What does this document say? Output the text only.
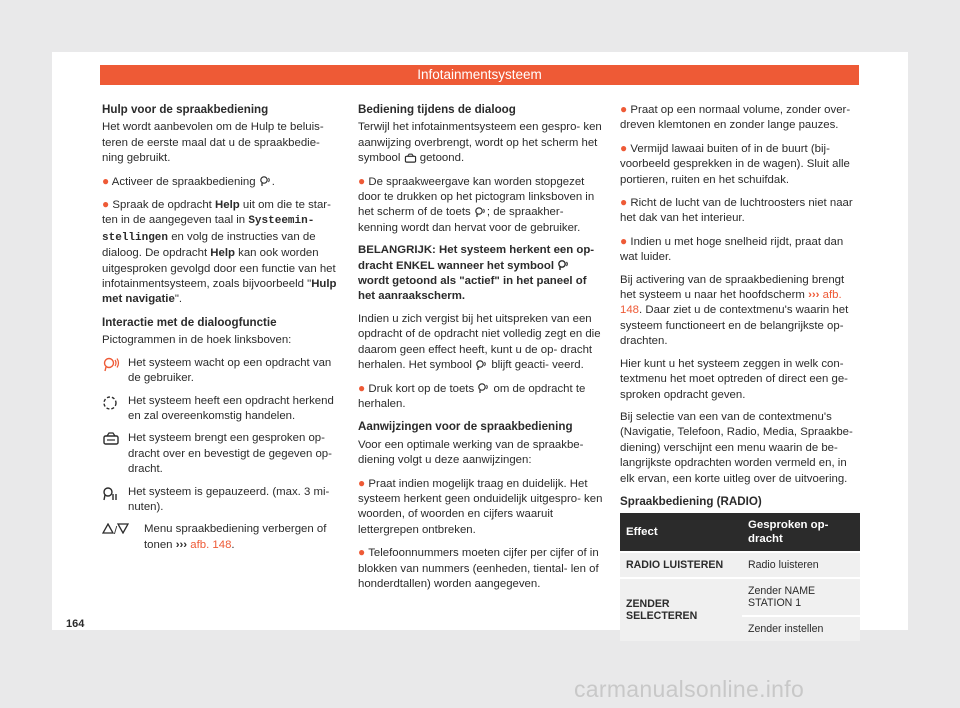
Infotainmentsysteem
Hulp voor de spraakbediening

Het wordt aanbevolen om de Hulp te beluis- teren de eerste maal dat u de spraakbedie- ning gebruikt.

● Activeer de spraakbediening .

● Spraak de opdracht Help uit om die te star- ten in de aangegeven taal in Systeemin- stellingen en volg de instructies van de dialoog. De opdracht Help kan ook worden uitgesproken gevolgd door een functie van het infotainmentsysteem, zoals bijvoorbeeld "Hulp met navigatie".

Interactie met de dialoogfunctie

Pictogrammen in de hoek linksboven:

Het systeem wacht op een opdracht van de gebruiker.
Het systeem heeft een opdracht herkend en zal overeenkomstig handelen.
Het systeem brengt een gesproken op- dracht over en bevestigt de gegeven op- dracht.
Het systeem is gepauzeerd. (max. 3 mi- nuten).
/	Menu spraakbediening verbergen of tonen ››› afb. 148.
Bediening tijdens de dialoog

Terwijl het infotainmentsysteem een gespro- ken aanwijzing overbrengt, wordt op het scherm het symbool getoond.

● De spraakweergave kan worden stopgezet door te drukken op het pictogram linksboven in het scherm of de toets ; de spraakher- kenning wordt dan hervat voor de gebruiker.

BELANGRIJK: Het systeem herkent een op- dracht ENKEL wanneer het symbool  wordt getoond als "actief" in het paneel of het aanraakscherm.

Indien u zich vergist bij het uitspreken van een opdracht of de opdracht niet volledig zegt en die daarom geen effect heeft, kunt u de op- dracht herhalen. Het symbool blijft geacti- veerd.

● Druk kort op de toets om de opdracht te herhalen.

Aanwijzingen voor de spraakbediening

Voor een optimale werking van de spraakbe- diening volgt u deze aanwijzingen:

● Praat indien mogelijk traag en duidelijk. Het systeem herkent geen onduidelijk uitgespro- ken woorden, of woorden en cijfers waaruit lettergrepen ontbreken.

● Telefoonnummers moeten cijfer per cijfer of in blokken van nummers (eenheden, tiental- len of honderdtallen) worden aangegeven.

● Praat op een normaal volume, zonder over- dreven klemtonen en zonder lange pauzes.

● Vermijd lawaai buiten of in de buurt (bij- voorbeeld gesprekken in de wagen). Sluit alle portieren, ruiten en het schuifdak.

● Richt de lucht van de luchtroosters niet naar het dak van het interieur.

● Indien u met hoge snelheid rijdt, praat dan wat luider.

Bij activering van de spraakbediening brengt het systeem u naar het hoofdscherm ››› afb. 148. Daar ziet u de contextmenu's waarin het systeem functioneert en de belangrijkste op- drachten.

Hier kunt u het systeem zeggen in welk con- textmenu het moet optreden of direct een ge- sproken opdracht geven.

Bij selectie van een van de contextmenu's (Navigatie, Telefoon, Radio, Media, Spraakbe- diening) verschijnt een menu waarin de be- langrijkste opdrachten worden vermeld en, in elk ervan, een korte uitleg over de uitvoering.

Spraakbediening (RADIO)
Effect	Gesproken op- dracht
RADIO LUISTEREN	Radio luisteren
ZENDER SELECTEREN	Zender NAME STATION 1
	Zender instellen
164
carmanualsonline.info
